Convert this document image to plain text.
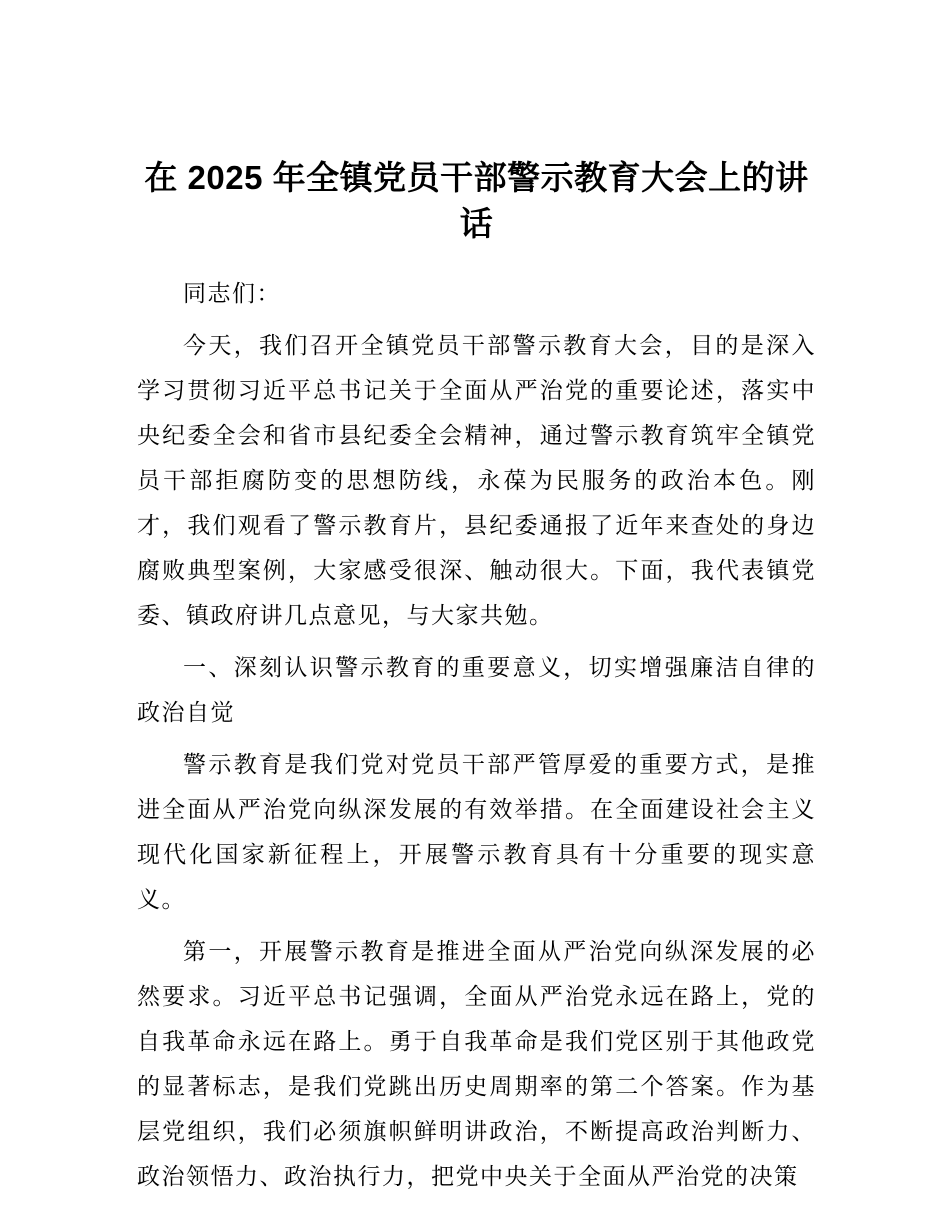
在 2025 年全镇党员干部警示教育大会上的讲话

同志们：

今天，我们召开全镇党员干部警示教育大会，目的是深入学习贯彻习近平总书记关于全面从严治党的重要论述，落实中央纪委全会和省市县纪委全会精神，通过警示教育筑牢全镇党员干部拒腐防变的思想防线，永葆为民服务的政治本色。刚才，我们观看了警示教育片，县纪委通报了近年来查处的身边腐败典型案例，大家感受很深、触动很大。下面，我代表镇党委、镇政府讲几点意见，与大家共勉。

一、深刻认识警示教育的重要意义，切实增强廉洁自律的政治自觉

警示教育是我们党对党员干部严管厚爱的重要方式，是推进全面从严治党向纵深发展的有效举措。在全面建设社会主义现代化国家新征程上，开展警示教育具有十分重要的现实意义。

第一，开展警示教育是推进全面从严治党向纵深发展的必然要求。习近平总书记强调，全面从严治党永远在路上，党的自我革命永远在路上。勇于自我革命是我们党区别于其他政党的显著标志，是我们党跳出历史周期率的第二个答案。作为基层党组织，我们必须旗帜鲜明讲政治，不断提高政治判断力、政治领悟力、政治执行力，把党中央关于全面从严治党的决策
